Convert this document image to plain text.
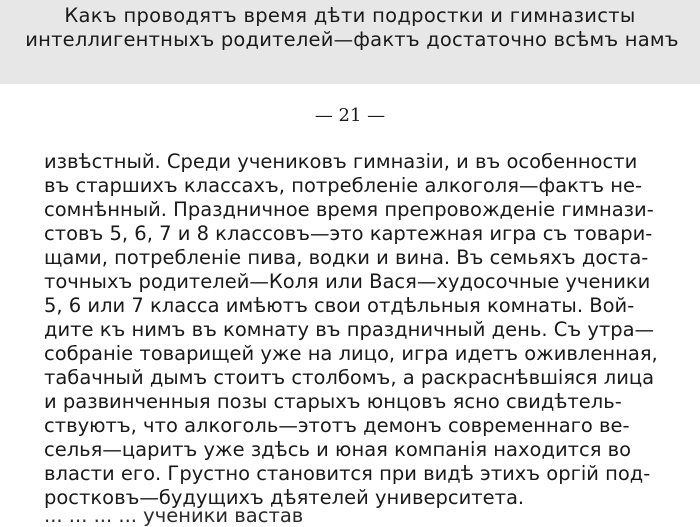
Какъ проводятъ время дѣти подростки и гимназисты
интеллигентныхъ родителей—фактъ достаточно всѣмъ намъ
— 21 —
извѣстный. Среди учениковъ гимназіи, и въ особенности
въ старшихъ классахъ, потребленіе алкоголя—фактъ не-
сомнѣнный. Праздничное время препровожденіе гимнази-
стовъ 5, 6, 7 и 8 классовъ—это картежная игра съ товари-
щами, потребленіе пива, водки и вина. Въ семьяхъ доста-
точныхъ родителей—Коля или Вася—худосочные ученики
5, 6 или 7 класса имѣютъ свои отдѣльныя комнаты. Вой-
дите къ нимъ въ комнату въ праздничный день. Съ утра—
собраніе товарищей уже на лицо, игра идетъ оживленная,
табачный дымъ стоитъ столбомъ, а раскраснѣвшіяся лица
и развинченныя позы старыхъ юнцовъ ясно свидѣтель-
ствуютъ, что алкоголь—этотъ демонъ современнаго ве-
селья—царитъ уже здѣсь и юная компанія находится во
власти его. Грустно становится при видѣ этихъ оргій под-
ростковъ—будущихъ дѣятелей университета.
... ... ... ... ученики вастав
